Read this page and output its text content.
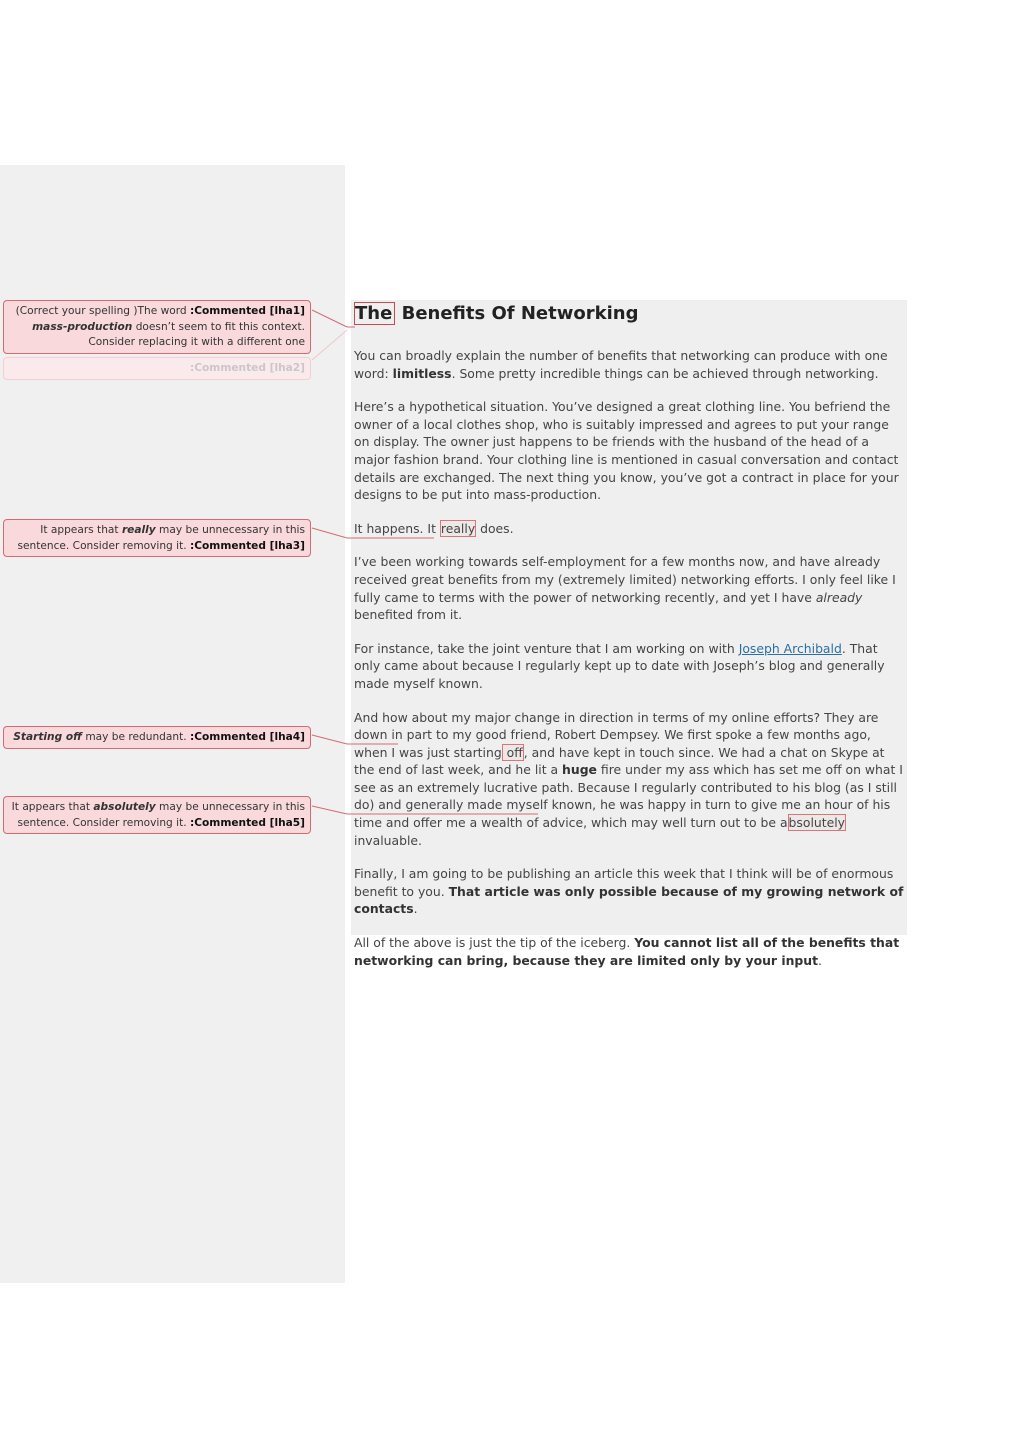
The Benefits Of Networking

You can broadly explain the number of benefits that networking can produce with one word: limitless. Some pretty incredible things can be achieved through networking.

Here’s a hypothetical situation. You’ve designed a great clothing line. You befriend the owner of a local clothes shop, who is suitably impressed and agrees to put your range on display. The owner just happens to be friends with the husband of the head of a major fashion brand. Your clothing line is mentioned in casual conversation and contact details are exchanged. The next thing you know, you’ve got a contract in place for your designs to be put into mass-production.

It happens. It really does.

I’ve been working towards self-employment for a few months now, and have already received great benefits from my (extremely limited) networking efforts. I only feel like I fully came to terms with the power of networking recently, and yet I have already benefited from it.

For instance, take the joint venture that I am working on with Joseph Archibald. That only came about because I regularly kept up to date with Joseph’s blog and generally made myself known.

And how about my major change in direction in terms of my online efforts? They are down in part to my good friend, Robert Dempsey. We first spoke a few months ago, when I was just starting off, and have kept in touch since. We had a chat on Skype at the end of last week, and he lit a huge fire under my ass which has set me off on what I see as an extremely lucrative path. Because I regularly contributed to his blog (as I still do) and generally made myself known, he was happy in turn to give me an hour of his time and offer me a wealth of advice, which may well turn out to be absolutely invaluable.

Finally, I am going to be publishing an article this week that I think will be of enormous benefit to you. That article was only possible because of my growing network of contacts.

All of the above is just the tip of the iceberg. You cannot list all of the benefits that networking can bring, because they are limited only by your input.

(Correct your spelling )The word :Commented [lha1]
mass-production doesn’t seem to fit this context. Consider replacing it with a different one
:Commented [lha2]
It appears that really may be unnecessary in this sentence. Consider removing it. :Commented [lha3]
Starting off may be redundant. :Commented [lha4]
It appears that absolutely may be unnecessary in this sentence. Consider removing it. :Commented [lha5]
